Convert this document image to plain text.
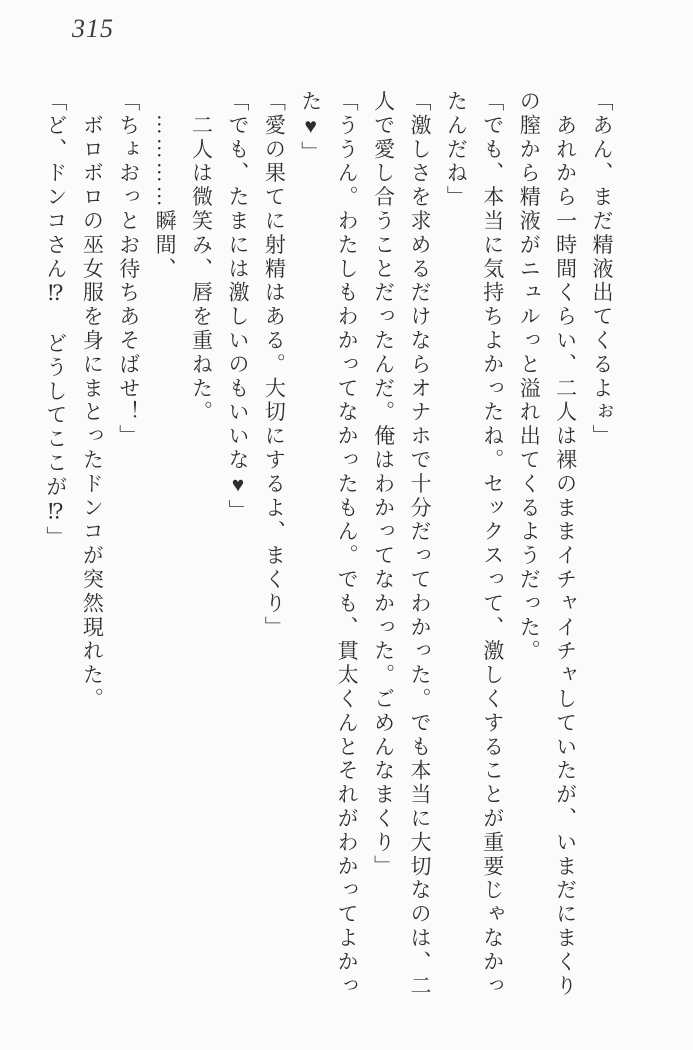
315

「あん、まだ精液出てくるよぉ」

　あれから一時間くらい、二人は裸のままイチャイチャしていたが、いまだにまくりの膣から精液がニュルっと溢れ出てくるようだった。

「でも、本当に気持ちよかったね。セックスって、激しくすることが重要じゃなかったんだね」

「激しさを求めるだけならオナホで十分だってわかった。でも本当に大切なのは、二人で愛し合うことだったんだ。俺はわかってなかった。ごめんなまくり」

「ううん。わたしもわかってなかったもん。でも、貫太くんとそれがわかってよかった♥」

「愛の果てに射精はある。大切にするよ、まくり」

「でも、たまには激しいのもいいな♥」

　二人は微笑み、唇を重ねた。

　…………瞬間、

「ちょおっとお待ちあそばせ！」

　ボロボロの巫女服を身にまとったドンコが突然現れた。

「ど、ドンコさん⁉　どうしてここが⁉」
